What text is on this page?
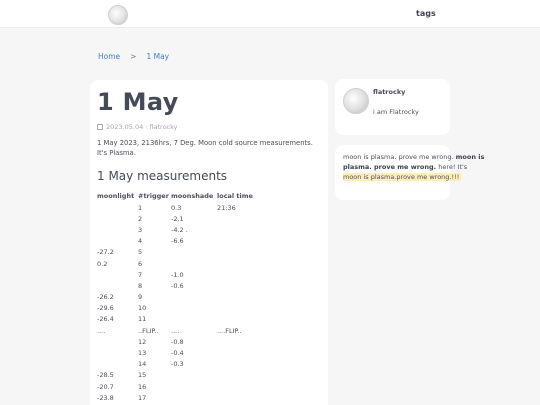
tags
Home > 1 May
1 May
2023.05.04 · flatrocky
1 May 2023, 2136hrs, 7 Deg. Moon cold source measurements. It's Plasma.
1 May measurements
moonlight	#trigger	moonshade	local time
	1	0.3	21:36
	2	-2.1	
	3	-4.2 .	
	4	-6.6	
-27.2	5		
0.2	6		
	7	-1.0	
	8	-0.6	
-26.2	9		
-29.6	10		
-26.4	11		
....	..FLIP..	....	....FLIP..
	12	-0.8	
	13	-0.4	
	14	-0.3	
-28.5	15		
-20.7	16		
-23.8	17		
flatrocky
i am Flatrocky
moon is plasma. prove me wrong. moon is plasma. prove me wrong. here! It's
moon is plasma.prove me wrong.!!!
